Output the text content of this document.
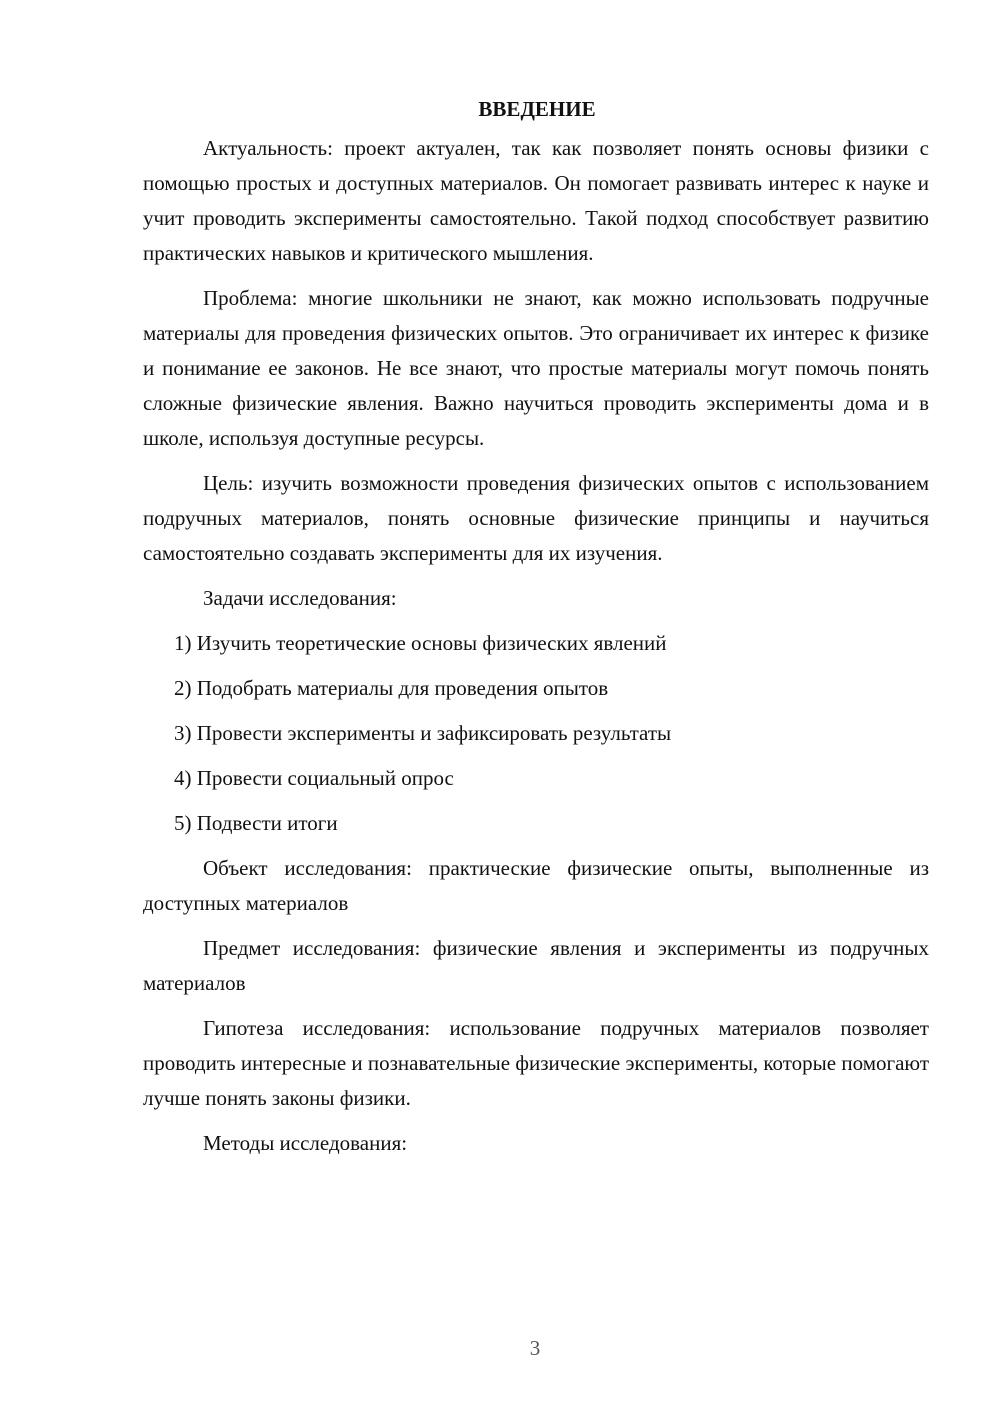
ВВЕДЕНИЕ

Актуальность: проект актуален, так как позволяет понять основы физики с помощью простых и доступных материалов. Он помогает развивать интерес к науке и учит проводить эксперименты самостоятельно. Такой подход способствует развитию практических навыков и критического мышления.

Проблема: многие школьники не знают, как можно использовать подручные материалы для проведения физических опытов. Это ограничивает их интерес к физике и понимание ее законов. Не все знают, что простые материалы могут помочь понять сложные физические явления. Важно научиться проводить эксперименты дома и в школе, используя доступные ресурсы.

Цель: изучить возможности проведения физических опытов с использованием подручных материалов, понять основные физические принципы и научиться самостоятельно создавать эксперименты для их изучения.

Задачи исследования:

1) Изучить теоретические основы физических явлений

2) Подобрать материалы для проведения опытов

3) Провести эксперименты и зафиксировать результаты

4) Провести социальный опрос

5) Подвести итоги

Объект исследования: практические физические опыты, выполненные из доступных материалов

Предмет исследования: физические явления и эксперименты из подручных материалов

Гипотеза исследования: использование подручных материалов позволяет проводить интересные и познавательные физические эксперименты, которые помогают лучше понять законы физики.

Методы исследования:

3
